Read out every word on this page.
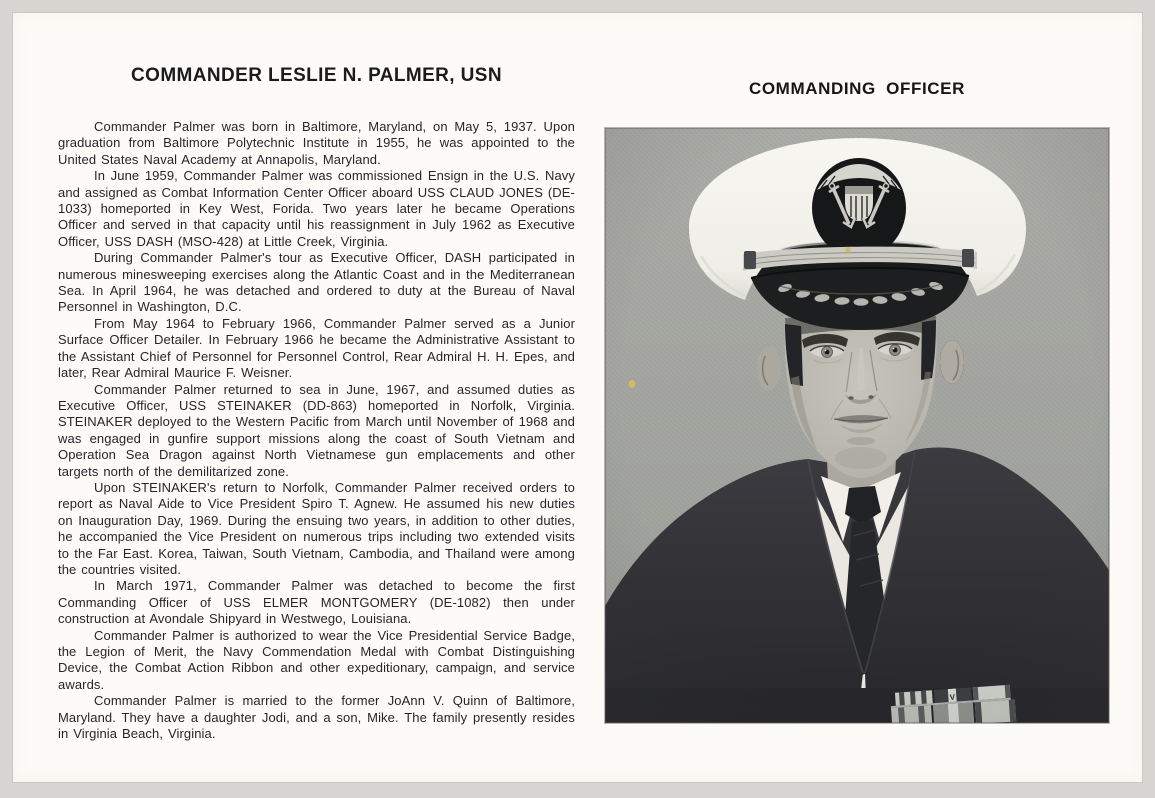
COMMANDER LESLIE N. PALMER, USN

Commander Palmer was born in Baltimore, Maryland, on May 5, 1937. Upon graduation from Baltimore Polytechnic Institute in 1955, he was appointed to the United States Naval Academy at Annapolis, Maryland.

In June 1959, Commander Palmer was commissioned Ensign in the U.S. Navy and assigned as Combat Information Center Officer aboard USS CLAUD JONES (DE-1033) homeported in Key West, Forida. Two years later he became Operations Officer and served in that capacity until his reassignment in July 1962 as Executive Officer, USS DASH (MSO-428) at Little Creek, Virginia.

During Commander Palmer's tour as Executive Officer, DASH participated in numerous minesweeping exercises along the Atlantic Coast and in the Mediterranean Sea. In April 1964, he was detached and ordered to duty at the Bureau of Naval Personnel in Washington, D.C.

From May 1964 to February 1966, Commander Palmer served as a Junior Surface Officer Detailer. In February 1966 he became the Administrative Assistant to the Assistant Chief of Personnel for Personnel Control, Rear Admiral H. H. Epes, and later, Rear Admiral Maurice F. Weisner.

Commander Palmer returned to sea in June, 1967, and assumed duties as Executive Officer, USS STEINAKER (DD-863) homeported in Norfolk, Virginia. STEINAKER deployed to the Western Pacific from March until November of 1968 and was engaged in gunfire support missions along the coast of South Vietnam and Operation Sea Dragon against North Vietnamese gun emplacements and other targets north of the demilitarized zone.

Upon STEINAKER's return to Norfolk, Commander Palmer received orders to report as Naval Aide to Vice President Spiro T. Agnew. He assumed his new duties on Inauguration Day, 1969. During the ensuing two years, in addition to other duties, he accompanied the Vice President on numerous trips including two extended visits to the Far East. Korea, Taiwan, South Vietnam, Cambodia, and Thailand were among the countries visited.

In March 1971, Commander Palmer was detached to become the first Commanding Officer of USS ELMER MONTGOMERY (DE-1082) then under construction at Avondale Shipyard in Westwego, Louisiana.

Commander Palmer is authorized to wear the Vice Presidential Service Badge, the Legion of Merit, the Navy Commendation Medal with Combat Distinguishing Device, the Combat Action Ribbon and other expeditionary, campaign, and service awards.

Commander Palmer is married to the former JoAnn V. Quinn of Baltimore, Maryland. They have a daughter Jodi, and a son, Mike. The family presently resides in Virginia Beach, Virginia.

COMMANDING OFFICER
